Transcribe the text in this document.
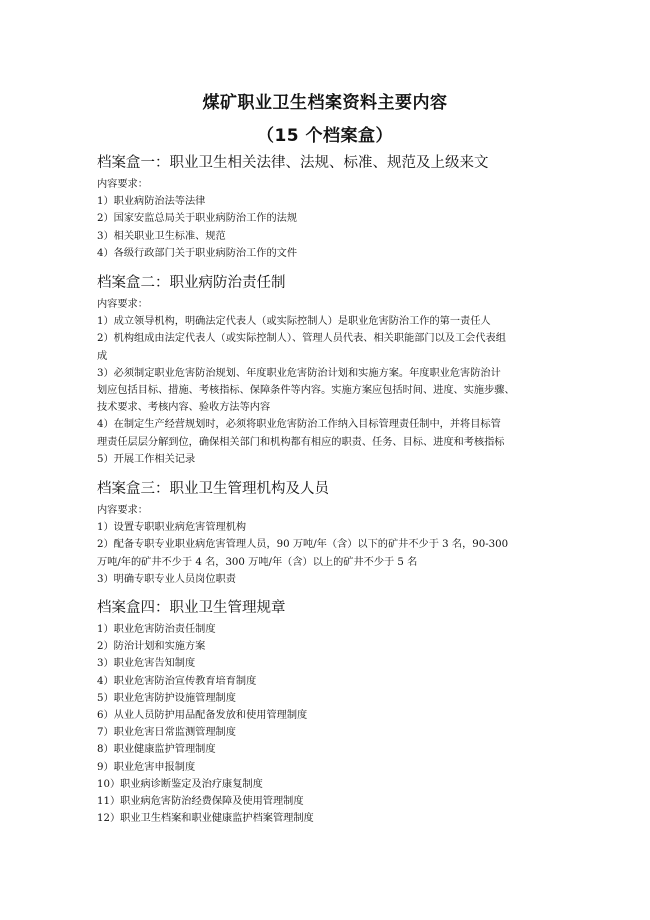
煤矿职业卫生档案资料主要内容
（15 个档案盒）
档案盒一：职业卫生相关法律、法规、标准、规范及上级来文
内容要求：
1）职业病防治法等法律
2）国家安监总局关于职业病防治工作的法规
3）相关职业卫生标准、规范
4）各级行政部门关于职业病防治工作的文件
档案盒二：职业病防治责任制
内容要求：
1）成立领导机构，明确法定代表人（或实际控制人）是职业危害防治工作的第一责任人
2）机构组成由法定代表人（或实际控制人）、管理人员代表、相关职能部门以及工会代表组
成
3）必须制定职业危害防治规划、年度职业危害防治计划和实施方案。年度职业危害防治计
划应包括目标、措施、考核指标、保障条件等内容。实施方案应包括时间、进度、实施步骤、
技术要求、考核内容、验收方法等内容
4）在制定生产经营规划时，必须将职业危害防治工作纳入目标管理责任制中，并将目标管
理责任层层分解到位，确保相关部门和机构都有相应的职责、任务、目标、进度和考核指标
5）开展工作相关记录
档案盒三：职业卫生管理机构及人员
内容要求：
1）设置专职职业病危害管理机构
2）配备专职专业职业病危害管理人员，90 万吨/年（含）以下的矿井不少于 3 名，90-300
万吨/年的矿井不少于 4 名，300 万吨/年（含）以上的矿井不少于 5 名
3）明确专职专业人员岗位职责
档案盒四：职业卫生管理规章
1）职业危害防治责任制度
2）防治计划和实施方案
3）职业危害告知制度
4）职业危害防治宣传教育培育制度
5）职业危害防护设施管理制度
6）从业人员防护用品配备发放和使用管理制度
7）职业危害日常监测管理制度
8）职业健康监护管理制度
9）职业危害申报制度
10）职业病诊断鉴定及治疗康复制度
11）职业病危害防治经费保障及使用管理制度
12）职业卫生档案和职业健康监护档案管理制度
